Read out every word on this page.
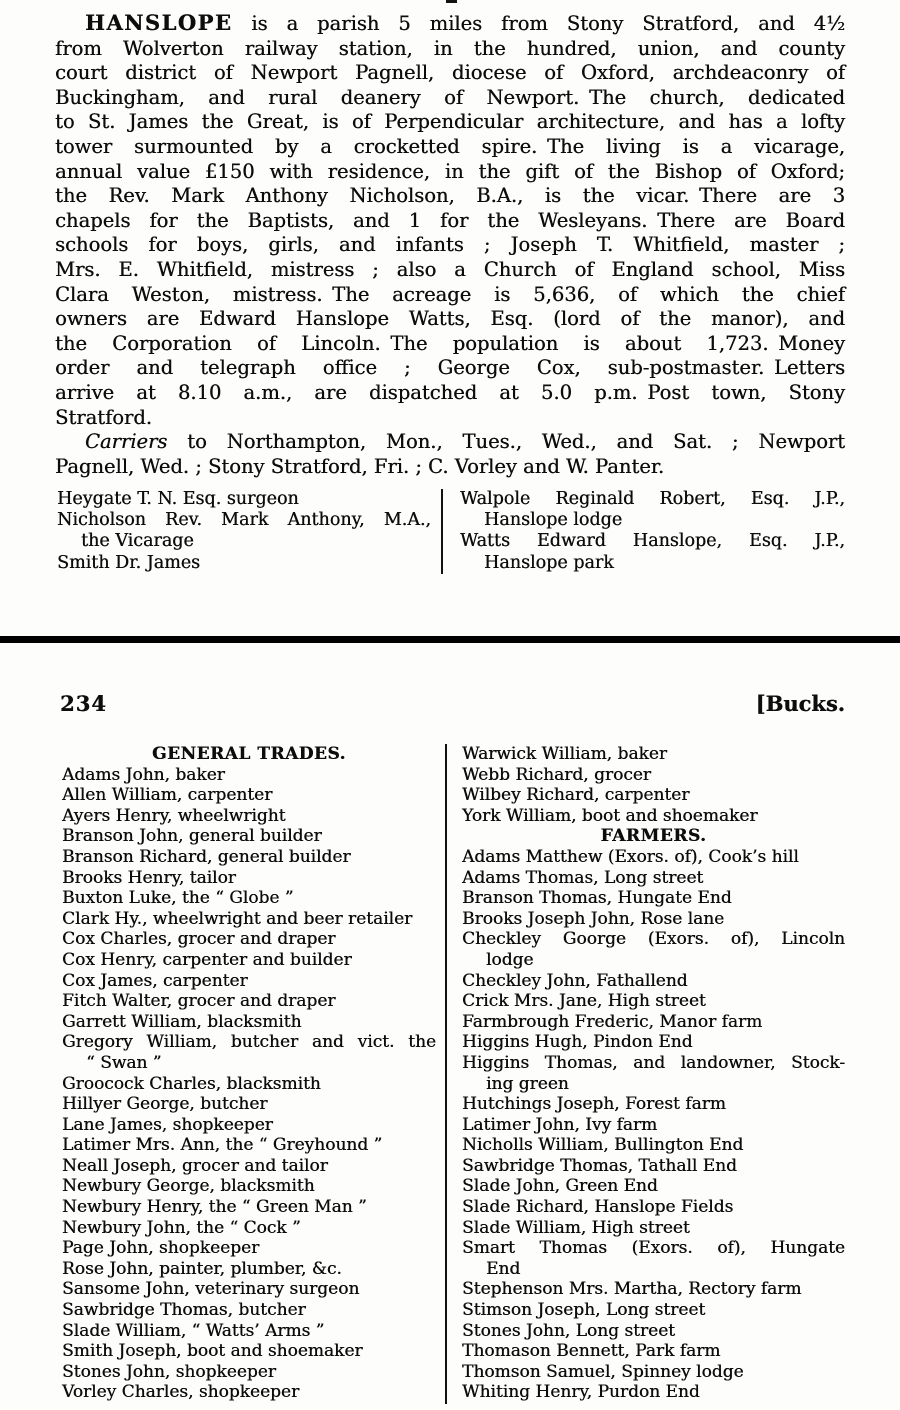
HANSLOPE is a parish 5 miles from Stony Stratford, and 4½
from Wolverton railway station, in the hundred, union, and county
court district of Newport Pagnell, diocese of Oxford, archdeaconry of
Buckingham, and rural deanery of Newport. The church, dedicated
to St. James the Great, is of Perpendicular architecture, and has a lofty
tower surmounted by a crocketted spire. The living is a vicarage,
annual value £150 with residence, in the gift of the Bishop of Oxford;
the Rev. Mark Anthony Nicholson, B.A., is the vicar. There are 3
chapels for the Baptists, and 1 for the Wesleyans. There are Board
schools for boys, girls, and infants ; Joseph T. Whitfield, master ;
Mrs. E. Whitfield, mistress ; also a Church of England school, Miss
Clara Weston, mistress. The acreage is 5,636, of which the chief
owners are Edward Hanslope Watts, Esq. (lord of the manor), and
the Corporation of Lincoln. The population is about 1,723. Money
order and telegraph office ; George Cox, sub-postmaster. Letters
arrive at 8.10 a.m., are dispatched at 5.0 p.m. Post town, Stony
Stratford.
Carriers to Northampton, Mon., Tues., Wed., and Sat. ; Newport
Pagnell, Wed. ; Stony Stratford, Fri. ; C. Vorley and W. Panter.
Heygate T. N. Esq. surgeon
Nicholson Rev. Mark Anthony, M.A.,
the Vicarage
Smith Dr. James
Walpole Reginald Robert, Esq. J.P.,
Hanslope lodge
Watts Edward Hanslope, Esq. J.P.,
Hanslope park
234	[Bucks.
GENERAL TRADES.
Adams John, baker
Allen William, carpenter
Ayers Henry, wheelwright
Branson John, general builder
Branson Richard, general builder
Brooks Henry, tailor
Buxton Luke, the “ Globe ”
Clark Hy., wheelwright and beer retailer
Cox Charles, grocer and draper
Cox Henry, carpenter and builder
Cox James, carpenter
Fitch Walter, grocer and draper
Garrett William, blacksmith
Gregory William, butcher and vict. the
“ Swan ”
Groocock Charles, blacksmith
Hillyer George, butcher
Lane James, shopkeeper
Latimer Mrs. Ann, the “ Greyhound ”
Neall Joseph, grocer and tailor
Newbury George, blacksmith
Newbury Henry, the “ Green Man ”
Newbury John, the “ Cock ”
Page John, shopkeeper
Rose John, painter, plumber, &c.
Sansome John, veterinary surgeon
Sawbridge Thomas, butcher
Slade William, “ Watts’ Arms ”
Smith Joseph, boot and shoemaker
Stones John, shopkeeper
Vorley Charles, shopkeeper
Warwick William, baker
Webb Richard, grocer
Wilbey Richard, carpenter
York William, boot and shoemaker
FARMERS.
Adams Matthew (Exors. of), Cook’s hill
Adams Thomas, Long street
Branson Thomas, Hungate End
Brooks Joseph John, Rose lane
Checkley Goorge (Exors. of), Lincoln
lodge
Checkley John, Fathallend
Crick Mrs. Jane, High street
Farmbrough Frederic, Manor farm
Higgins Hugh, Pindon End
Higgins Thomas, and landowner, Stock-
ing green
Hutchings Joseph, Forest farm
Latimer John, Ivy farm
Nicholls William, Bullington End
Sawbridge Thomas, Tathall End
Slade John, Green End
Slade Richard, Hanslope Fields
Slade William, High street
Smart Thomas (Exors. of), Hungate
End
Stephenson Mrs. Martha, Rectory farm
Stimson Joseph, Long street
Stones John, Long street
Thomason Bennett, Park farm
Thomson Samuel, Spinney lodge
Whiting Henry, Purdon End
